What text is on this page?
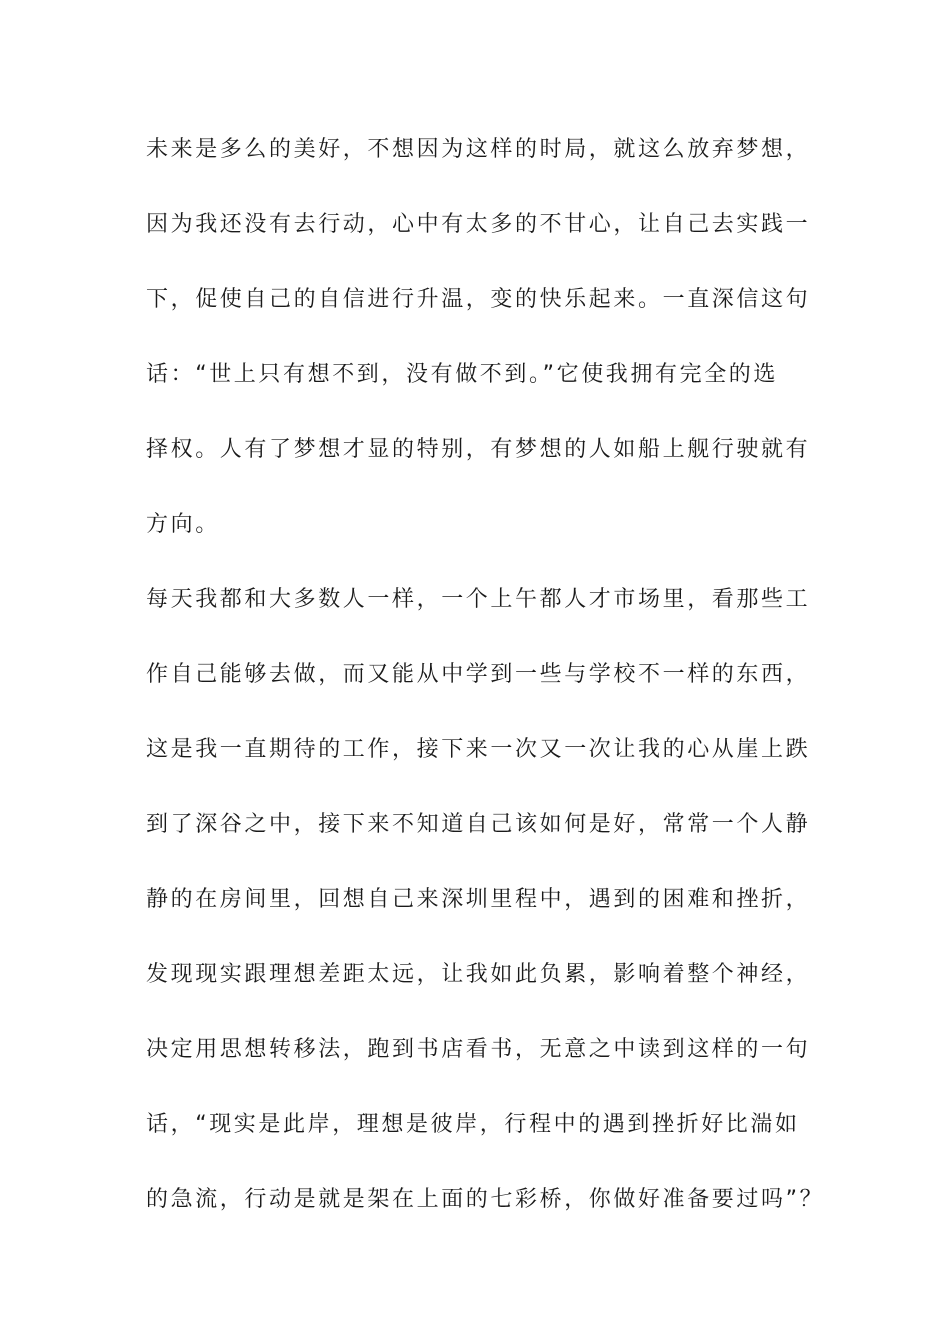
未来是多么的美好，不想因为这样的时局，就这么放弃梦想，
因为我还没有去行动，心中有太多的不甘心，让自己去实践一
下，促使自己的自信进行升温，变的快乐起来。一直深信这句
话：“世上只有想不到，没有做不到。”它使我拥有完全的选
择权。人有了梦想才显的特别，有梦想的人如船上舰行驶就有
方向。
每天我都和大多数人一样，一个上午都人才市场里，看那些工
作自己能够去做，而又能从中学到一些与学校不一样的东西，
这是我一直期待的工作，接下来一次又一次让我的心从崖上跌
到了深谷之中，接下来不知道自己该如何是好，常常一个人静
静的在房间里，回想自己来深圳里程中，遇到的困难和挫折，
发现现实跟理想差距太远，让我如此负累，影响着整个神经，
决定用思想转移法，跑到书店看书，无意之中读到这样的一句
话，“现实是此岸，理想是彼岸，行程中的遇到挫折好比湍如
的急流，行动是就是架在上面的七彩桥，你做好准备要过吗”？
